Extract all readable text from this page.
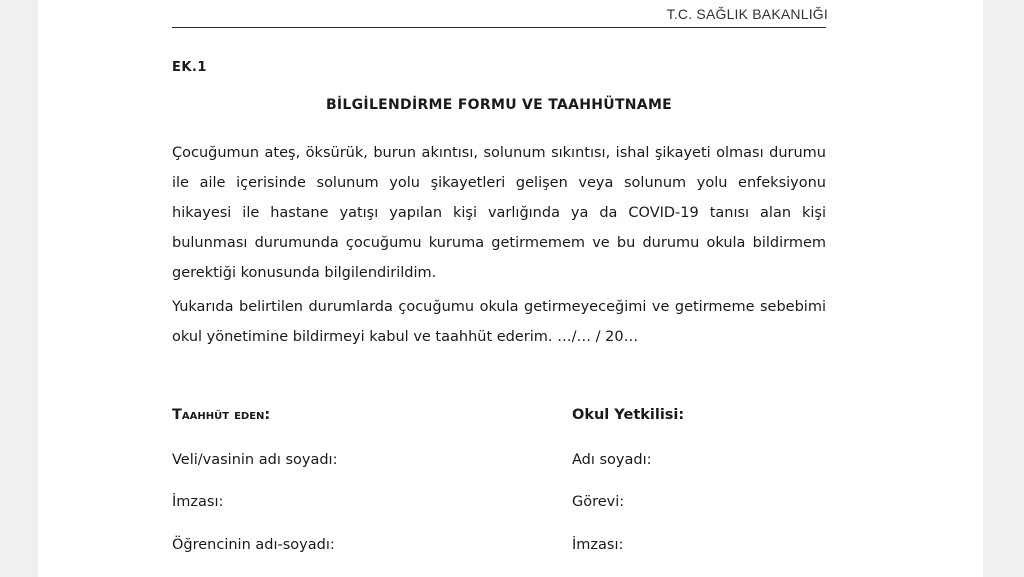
T.C. SAĞLIK BAKANLIĞI
EK.1
BİLGİLENDİRME FORMU VE TAAHHÜTNAME

Çocuğumun ateş, öksürük, burun akıntısı, solunum sıkıntısı, ishal şikayeti olması durumu ile aile içerisinde solunum yolu şikayetleri gelişen veya solunum yolu enfeksiyonu hikayesi ile hastane yatışı yapılan kişi varlığında ya da COVID-19 tanısı alan kişi bulunması durumunda çocuğumu kuruma getirmemem ve bu durumu okula bildirmem gerektiği konusunda bilgilendirildim.

Yukarıda belirtilen durumlarda çocuğumu okula getirmeyeceğimi ve getirmeme sebebimi okul yönetimine bildirmeyi kabul ve taahhüt ederim. …/… / 20…

Taahhüt eden:
Veli/vasinin adı soyadı:
İmzası:
Öğrencinin adı-soyadı:
Okul Yetkilisi:
Adı soyadı:
Görevi:
İmzası:
